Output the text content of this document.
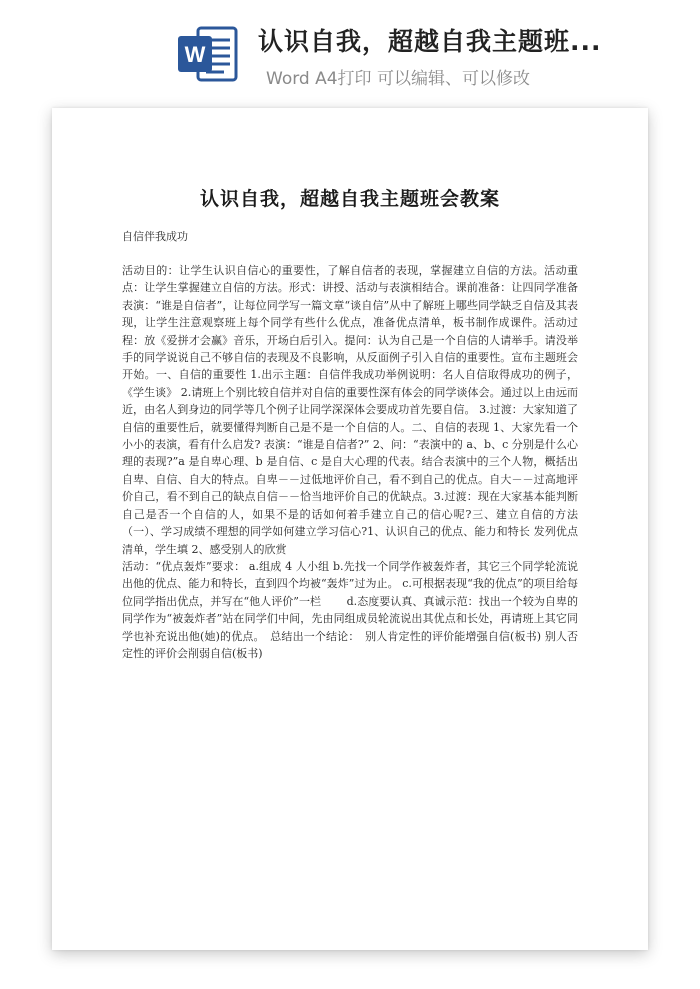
W 认识自我，超越自我主题班...
Word A4打印 可以编辑、可以修改
认识自我，超越自我主题班会教案
自信伴我成功

活动目的：让学生认识自信心的重要性，了解自信者的表现，掌握建立自信的方法。活动重点：让学生掌握建立自信的方法。形式：讲授、活动与表演相结合。课前准备：让四同学准备表演：“谁是自信者”，让每位同学写一篇文章“谈自信”从中了解班上哪些同学缺乏自信及其表现，让学生注意观察班上每个同学有些什么优点，准备优点清单，板书制作成课件。活动过程：放《爱拼才会赢》音乐，开场白后引入。提问：认为自己是一个自信的人请举手。请没举手的同学说说自己不够自信的表现及不良影响，从反面例子引入自信的重要性。宣布主题班会开始。一、自信的重要性 1.出示主题：自信伴我成功举例说明：名人自信取得成功的例子，《学生谈》 2.请班上个别比较自信并对自信的重要性深有体会的同学谈体会。通过以上由远而近，由名人到身边的同学等几个例子让同学深深体会要成功首先要自信。 3.过渡：大家知道了自信的重要性后，就要懂得判断自己是不是一个自信的人。二、自信的表现 1、大家先看一个小小的表演，看有什么启发? 表演：“谁是自信者?” 2、问：“表演中的 a、b、c 分别是什么心理的表现?”a 是自卑心理、b 是自信、c 是自大心理的代表。结合表演中的三个人物，概括出自卑、自信、自大的特点。自卑－－过低地评价自己，看不到自己的优点。自大－－过高地评价自己，看不到自己的缺点自信－－恰当地评价自己的优缺点。3.过渡：现在大家基本能判断自己是否一个自信的人，如果不是的话如何着手建立自己的信心呢?三、建立自信的方法 （一）、学习成绩不理想的同学如何建立学习信心?1、认识自己的优点、能力和特长 发列优点清单，学生填 2、感受别人的欣赏

活动：“优点轰炸”要求： a.组成 4 人小组 b.先找一个同学作被轰炸者，其它三个同学轮流说出他的优点、能力和特长，直到四个均被“轰炸”过为止。 c.可根据表现“我的优点”的项目给每位同学指出优点，并写在“他人评价”一栏　　 d.态度要认真、真诚示范：找出一个较为自卑的同学作为“被轰炸者”站在同学们中间，先由同组成员轮流说出其优点和长处，再请班上其它同学也补充说出他(她)的优点。　总结出一个结论：　别人肯定性的评价能增强自信(板书) 别人否定性的评价会削弱自信(板书)
